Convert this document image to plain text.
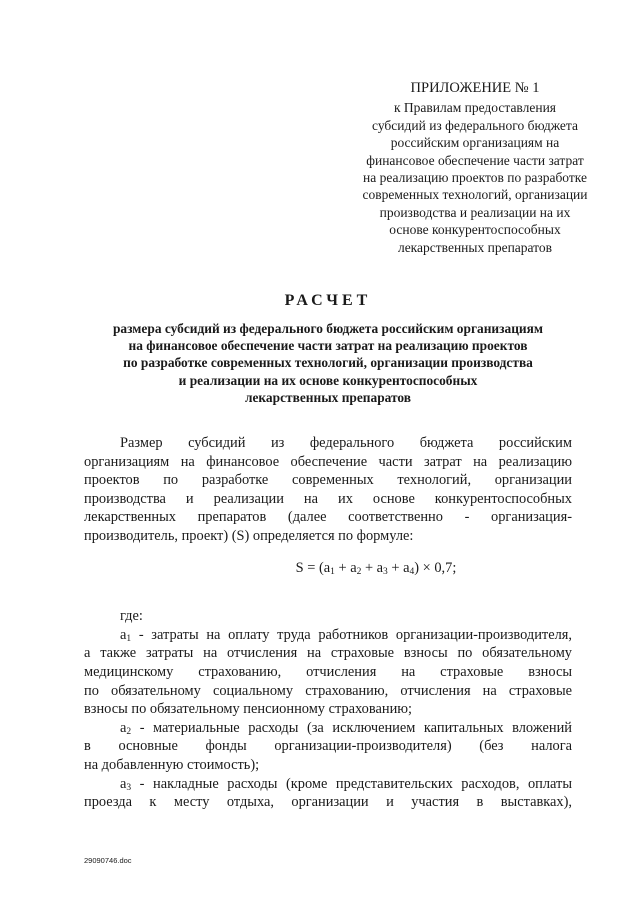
ПРИЛОЖЕНИЕ № 1
к Правилам предоставления
субсидий из федерального бюджета
российским организациям на
финансовое обеспечение части затрат
на реализацию проектов по разработке
современных технологий, организации
производства и реализации на их
основе конкурентоспособных
лекарственных препаратов
РАСЧЕТ
размера субсидий из федерального бюджета российским организациям
на финансовое обеспечение части затрат на реализацию проектов
по разработке современных технологий, организации производства
и реализации на их основе конкурентоспособных
лекарственных препаратов
Размер субсидий из федерального бюджета российским
организациям на финансовое обеспечение части затрат на реализацию
проектов по разработке современных технологий, организации
производства и реализации на их основе конкурентоспособных
лекарственных препаратов (далее соответственно - организация-
производитель, проект) (S) определяется по формуле:
$S = (a_1 + a_2 + a_3 + a_4) \times 0,7$;
где:
$a_1$ - затраты на оплату труда работников организации-производителя,
а также затраты на отчисления на страховые взносы по обязательному
медицинскому страхованию, отчисления на страховые взносы
по обязательному социальному страхованию, отчисления на страховые
взносы по обязательному пенсионному страхованию;
$a_2$ - материальные расходы (за исключением капитальных вложений
в основные фонды организации-производителя) (без налога
на добавленную стоимость);
$a_3$ - накладные расходы (кроме представительских расходов, оплаты
проезда к месту отдыха, организации и участия в выставках),
29090746.doc
